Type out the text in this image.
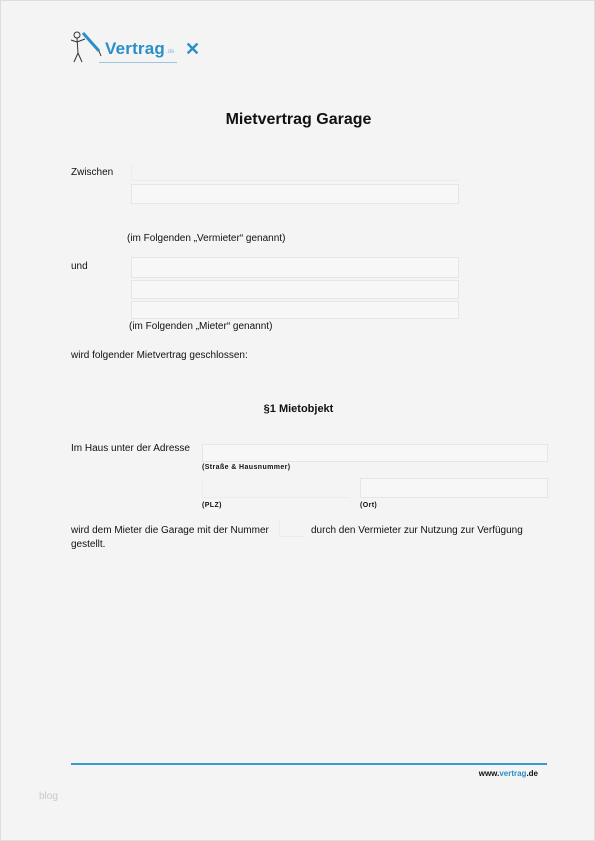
Vertrag .de ✕
Mietvertrag Garage
Zwischen
(im Folgenden „Vermieter“ genannt)
und
(im Folgenden „Mieter“ genannt)
wird folgender Mietvertrag geschlossen:
§1 Mietobjekt
Im Haus unter der Adresse
(Straße & Hausnummer)
(PLZ)	(Ort)
wird dem Mieter die Garage mit der Nummer	durch den Vermieter zur Nutzung zur Verfügung
gestellt.
www.vertrag.de
blog
